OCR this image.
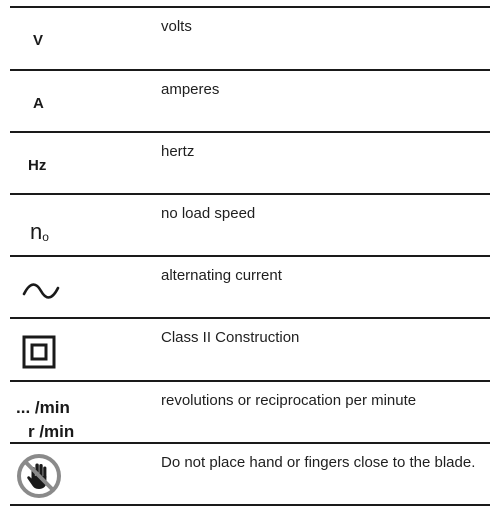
V
volts
A
amperes
Hz
hertz
no
no load speed
alternating current
Class II Construction
... /min
r /min
revolutions or reciprocation per minute
Do not place hand or fingers close to the blade.
